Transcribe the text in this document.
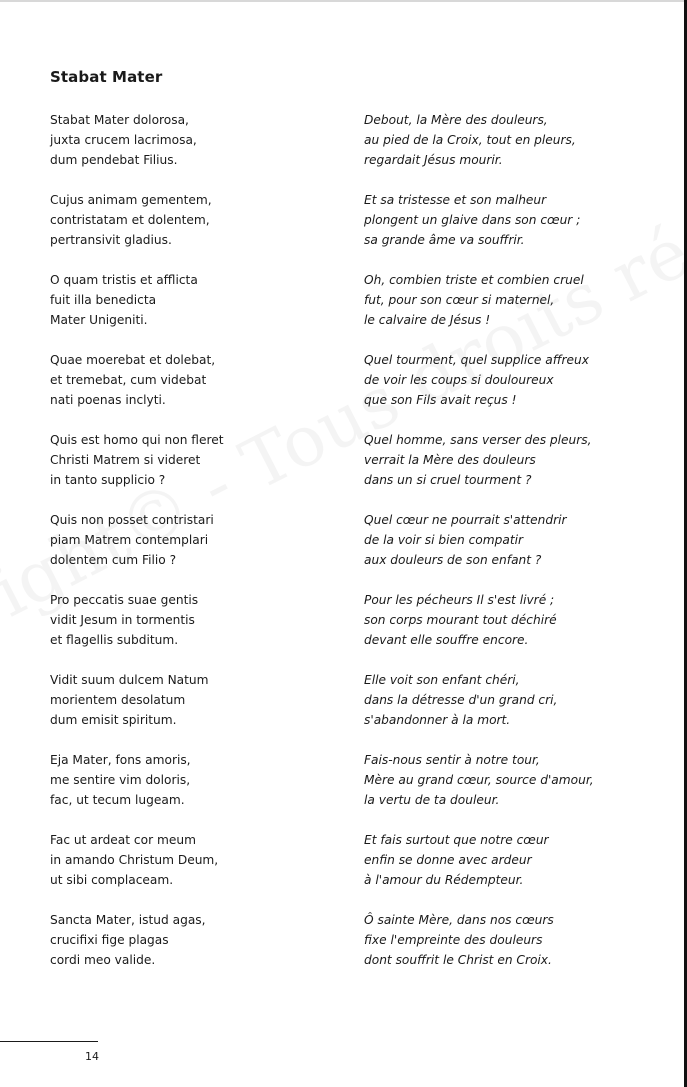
Stabat Mater

Stabat Mater dolorosa,
juxta crucem lacrimosa,
dum pendebat Filius.

Cujus animam gementem,
contristatam et dolentem,
pertransivit gladius.

O quam tristis et afflicta
fuit illa benedicta
Mater Unigeniti.

Quae moerebat et dolebat,
et tremebat, cum videbat
nati poenas inclyti.

Quis est homo qui non fleret
Christi Matrem si videret
in tanto supplicio ?

Quis non posset contristari
piam Matrem contemplari
dolentem cum Filio ?

Pro peccatis suae gentis
vidit Jesum in tormentis
et flagellis subditum.

Vidit suum dulcem Natum
morientem desolatum
dum emisit spiritum.

Eja Mater, fons amoris,
me sentire vim doloris,
fac, ut tecum lugeam.

Fac ut ardeat cor meum
in amando Christum Deum,
ut sibi complaceam.

Sancta Mater, istud agas,
crucifixi fige plagas
cordi meo valide.

Debout, la Mère des douleurs,
au pied de la Croix, tout en pleurs,
regardait Jésus mourir.

Et sa tristesse et son malheur
plongent un glaive dans son cœur ;
sa grande âme va souffrir.

Oh, combien triste et combien cruel
fut, pour son cœur si maternel,
le calvaire de Jésus !

Quel tourment, quel supplice affreux
de voir les coups si douloureux
que son Fils avait reçus !

Quel homme, sans verser des pleurs,
verrait la Mère des douleurs
dans un si cruel tourment ?

Quel cœur ne pourrait s'attendrir
de la voir si bien compatir
aux douleurs de son enfant ?

Pour les pécheurs Il s'est livré ;
son corps mourant tout déchiré
devant elle souffre encore.

Elle voit son enfant chéri,
dans la détresse d'un grand cri,
s'abandonner à la mort.

Fais-nous sentir à notre tour,
Mère au grand cœur, source d'amour,
la vertu de ta douleur.

Et fais surtout que notre cœur
enfin se donne avec ardeur
à l'amour du Rédempteur.

Ô sainte Mère, dans nos cœurs
fixe l'empreinte des douleurs
dont souffrit le Christ en Croix.

14
